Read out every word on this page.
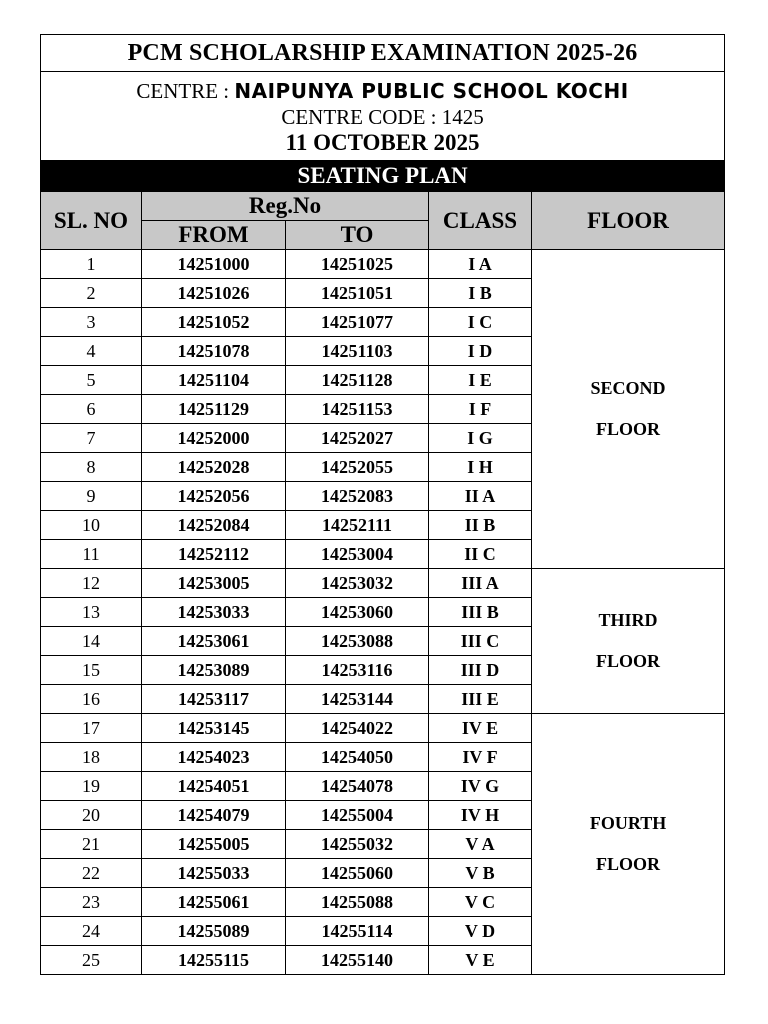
PCM SCHOLARSHIP EXAMINATION 2025-26				

CENTRE : NAIPUNYA PUBLIC SCHOOL KOCHI
CENTRE CODE : 1425
11 OCTOBER 2025				

SEATING PLAN				
SL. NO	Reg.No		CLASS	FLOOR
	FROM	TO		
1	14251000	14251025	I A	SECOND
FLOOR

2	14251026	14251051	I B	
3	14251052	14251077	I C	
4	14251078	14251103	I D	
5	14251104	14251128	I E	
6	14251129	14251153	I F	
7	14252000	14252027	I G	
8	14252028	14252055	I H	
9	14252056	14252083	II A	
10	14252084	14252111	II B	
11	14252112	14253004	II C	
12	14253005	14253032	III A	THIRD
FLOOR

13	14253033	14253060	III B	
14	14253061	14253088	III C	
15	14253089	14253116	III D	
16	14253117	14253144	III E	
17	14253145	14254022	IV E	FOURTH
FLOOR

18	14254023	14254050	IV F	
19	14254051	14254078	IV G	
20	14254079	14255004	IV H	
21	14255005	14255032	V A	
22	14255033	14255060	V B	
23	14255061	14255088	V C	
24	14255089	14255114	V D	
25	14255115	14255140	V E	
